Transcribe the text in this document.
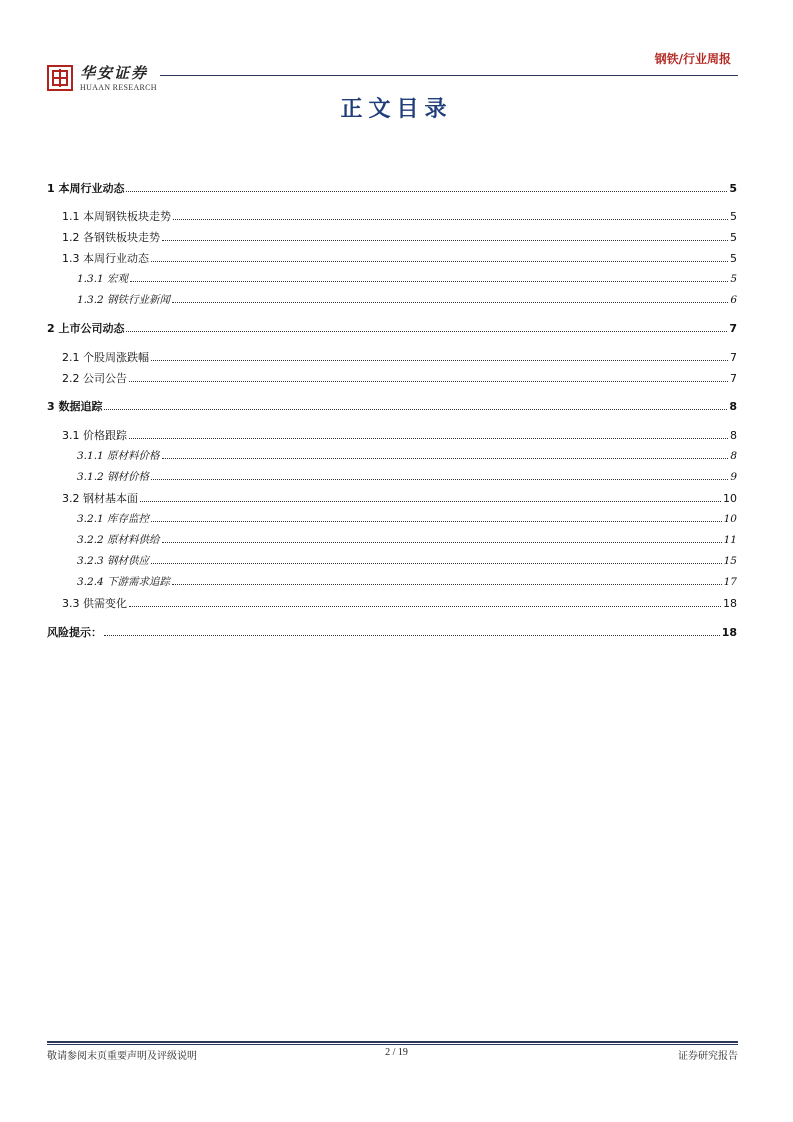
华安证券
HUAAN RESEARCH
钢铁/行业周报
正文目录
1 本周行业动态	5
1.1 本周钢铁板块走势	5
1.2 各钢铁板块走势	5
1.3 本周行业动态	5
1.3.1 宏观	5
1.3.2 钢铁行业新闻	6
2 上市公司动态	7
2.1 个股周涨跌幅	7
2.2 公司公告	7
3 数据追踪	8
3.1 价格跟踪	8
3.1.1 原材料价格	8
3.1.2 钢材价格	9
3.2 钢材基本面	10
3.2.1 库存监控	10
3.2.2 原材料供给	11
3.2.3 钢材供应	15
3.2.4 下游需求追踪	17
3.3 供需变化	18
风险提示：	18
敬请参阅末页重要声明及评级说明	2 / 19	证券研究报告
